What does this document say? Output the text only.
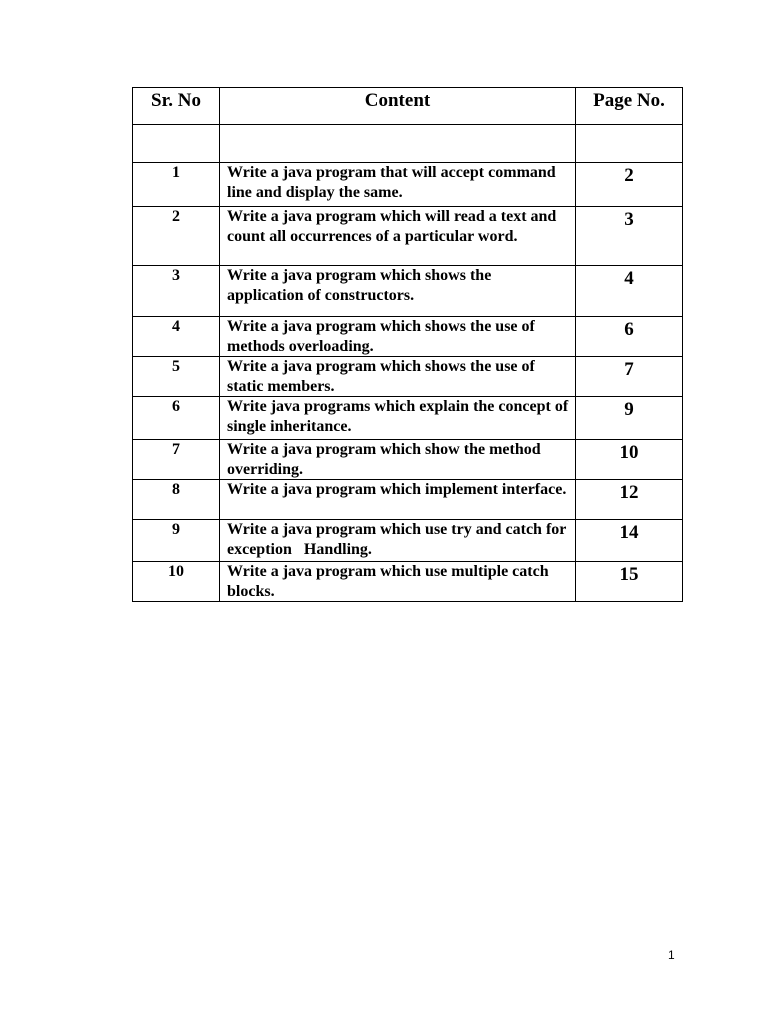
Sr. No	Content	Page No.

1	Write a java program that will accept command line and display the same.	2
2	Write a java program which will read a text and count all occurrences of a particular word.	3
3	Write a java program which shows the application of constructors.	4
4	Write a java program which shows the use of methods overloading.	6
5	Write a java program which shows the use of static members.	7
6	Write java programs which explain the concept of single inheritance.	9
7	Write a java program which show the method overriding.	10
8	Write a java program which implement interface.	12
9	Write a java program which use try and catch for exception   Handling.	14
10	Write a java program which use multiple catch blocks.	15
1
